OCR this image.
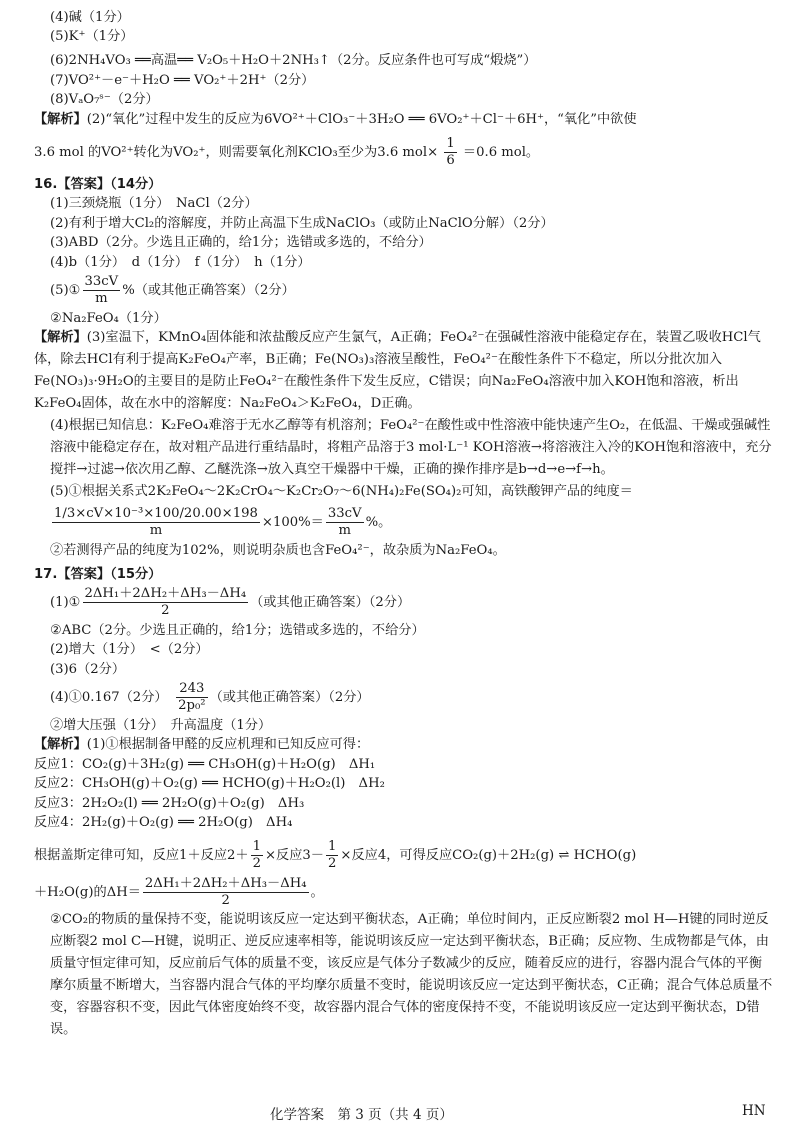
(4)碱（1分）
(5)K⁺（1分）
(6)2NH₄VO₃ ══高温══ V₂O₅＋H₂O＋2NH₃↑（2分。反应条件也可写成“煅烧”）
(7)VO²⁺－e⁻＋H₂O ══ VO₂⁺＋2H⁺（2分）
(8)VₐO₇ˢ⁻（2分）
【解析】(2)“氧化”过程中发生的反应为6VO²⁺＋ClO₃⁻＋3H₂O ══ 6VO₂⁺＋Cl⁻＋6H⁺，“氧化”中欲使
3.6 mol 的VO²⁺转化为VO₂⁺，则需要氧化剂KClO₃至少为3.6 $mol\times \frac{1}{6} =0.6$ mol。
16.【答案】（14分）
(1)三颈烧瓶（1分）　NaCl（2分）
(2)有利于增大Cl₂的溶解度，并防止高温下生成NaClO₃（或防止NaClO分解）（2分）
(3)ABD（2分。少选且正确的，给1分；选错或多选的，不给分）
(4)b（1分）　d（1分）　f（1分）　h（1分）
(5)① $\frac{33cV}{m}$ %（或其他正确答案）（2分）
②Na₂FeO₄（1分）
【解析】(3)室温下，KMnO₄固体能和浓盐酸反应产生氯气，A正确；FeO₄²⁻在强碱性溶液中能稳定存在，装置乙吸收HCl气体，除去HCl有利于提高K₂FeO₄产率，B正确；Fe(NO₃)₃溶液呈酸性，FeO₄²⁻在酸性条件下不稳定，所以分批次加入Fe(NO₃)₃·9H₂O的主要目的是防止FeO₄²⁻在酸性条件下发生反应，C错误；向Na₂FeO₄溶液中加入KOH饱和溶液，析出K₂FeO₄固体，故在水中的溶解度：Na₂FeO₄＞K₂FeO₄，D正确。
(4)根据已知信息：K₂FeO₄难溶于无水乙醇等有机溶剂；FeO₄²⁻在酸性或中性溶液中能快速产生O₂，在低温、干燥或强碱性溶液中能稳定存在，故对粗产品进行重结晶时，将粗产品溶于3 mol·L⁻¹ KOH溶液→将溶液注入冷的KOH饱和溶液中，充分搅拌→过滤→依次用乙醇、乙醚洗涤→放入真空干燥器中干燥，正确的操作排序是b→d→e→f→h。
(5)①根据关系式2K₂FeO₄～2K₂CrO₄～K₂Cr₂O₇～6(NH₄)₂Fe(SO₄)₂可知，高铁酸钾产品的纯度＝
$\frac{\text{1/3×cV×10⁻³×100/20.00×198}}{m} \times 100\%= \frac{33cV}{m}$ %。
②若测得产品的纯度为102%，则说明杂质也含FeO₄²⁻，故杂质为Na₂FeO₄。
17.【答案】（15分）
(1)① $\frac{\text{2ΔH₁＋2ΔH₂＋ΔH₃－ΔH₄}}{2}$ （或其他正确答案）（2分）
②ABC（2分。少选且正确的，给1分；选错或多选的，不给分）
(2)增大（1分）　<（2分）
(3)6（2分）
(4)①0.167（2分）　 $\frac{243}{\text{2p₀²}}$ （或其他正确答案）（2分）
②增大压强（1分）　升高温度（1分）
【解析】(1)①根据制备甲醛的反应机理和已知反应可得：
反应1：CO₂(g)＋3H₂(g) ══ CH₃OH(g)＋H₂O(g)　ΔH₁
反应2：CH₃OH(g)＋O₂(g) ══ HCHO(g)＋H₂O₂(l)　ΔH₂
反应3：2H₂O₂(l) ══ 2H₂O(g)＋O₂(g)　ΔH₃
反应4：2H₂(g)＋O₂(g) ══ 2H₂O(g)　ΔH₄
根据盖斯定律可知，反应1＋反应$2+ \frac{1}{2}$ ×反应$3- \frac{1}{2}$ ×反应4，可得反应CO₂(g)＋2H₂(g) ⇌ HCHO(g)
＋H₂O(g)的$\Delta H= \frac{\text{2ΔH₁＋2ΔH₂＋ΔH₃－ΔH₄}}{2}$ 。
②CO₂的物质的量保持不变，能说明该反应一定达到平衡状态，A正确；单位时间内，正反应断裂2 mol H—H键的同时逆反应断裂2 mol C—H键，说明正、逆反应速率相等，能说明该反应一定达到平衡状态，B正确；反应物、生成物都是气体，由质量守恒定律可知，反应前后气体的质量不变，该反应是气体分子数减少的反应，随着反应的进行，容器内混合气体的平衡摩尔质量不断增大，当容器内混合气体的平均摩尔质量不变时，能说明该反应一定达到平衡状态，C正确；混合气体总质量不变，容器容积不变，因此气体密度始终不变，故容器内混合气体的密度保持不变，不能说明该反应一定达到平衡状态，D错误。
化学答案　第 3 页（共 4 页）	HN
